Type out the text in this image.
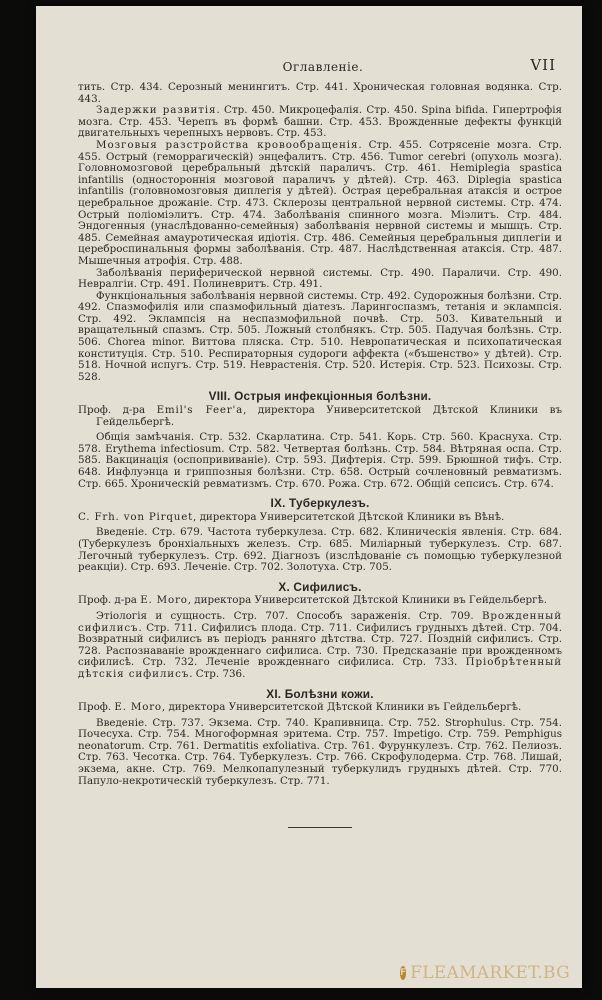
Оглавленіе.	VII

тить. Стр. 434. Серозный менингитъ. Стр. 441. Хроническая головная водянка. Стр. 443.

Задержки развитія. Стр. 450. Микроцефалія. Стр. 450. Spina bifida. Гипертрофія мозга. Стр. 453. Черепъ въ формѣ башни. Стр. 453. Врожденные дефекты функцій двигательныхъ черепныхъ нервовъ. Стр. 453.

Мозговыя разстройства кровообращенія. Стр. 455. Сотрясеніе мозга. Стр. 455. Острый (геморрагическій) энцефалитъ. Стр. 456. Tumor cerebri (опухоль мозга). Головномозговой церебральный дѣтскій параличъ. Стр. 461. Hemiplegia spastica infantilis (одностороннія мозговой параличъ у дѣтей). Стр. 463. Diplegia spastica infantilis (головномозговыя диплегія у дѣтей). Острая церебральная атаксія и острое церебральное дрожаніе. Стр. 473. Склерозы центральной нервной системы. Стр. 474. Острый поліоміэлитъ. Стр. 474. Заболѣванія спинного мозга. Міэлитъ. Стр. 484. Эндогенныя (унаслѣдованно-семейныя) заболѣванія нервной системы и мышцъ. Стр. 485. Семейная амауротическая идіотія. Стр. 486. Семейныя церебральныя диплегіи и цереброспинальныя формы заболѣванія. Стр. 487. Наслѣдственная атаксія. Стр. 487. Мышечныя атрофія. Стр. 488.

Заболѣванія периферической нервной системы. Стр. 490. Параличи. Стр. 490. Невралгіи. Стр. 491. Полиневритъ. Стр. 491.

Функціональныя заболѣванія нервной системы. Стр. 492. Судорожныя болѣзни. Стр. 492. Спазмофилія или спазмофильный діатезъ. Ларингоспазмъ, тетанія и эклампсія. Стр. 492. Эклампсія на неспазмофильной почвѣ. Стр. 503. Кивательный и вращательный спазмъ. Стр. 505. Ложный столбнякъ. Стр. 505. Падучая болѣзнь. Стр. 506. Chorea minor. Виттова пляска. Стр. 510. Невропатическая и психопатическая конституція. Стр. 510. Респираторныя судороги аффекта («бъшенство» у дѣтей). Стр. 518. Ночной испугъ. Стр. 519. Неврастенія. Стр. 520. Истерія. Стр. 523. Психозы. Стр. 528.

VIII. Острыя инфекціонныя болѣзни.

Проф. д-ра Emil's Feer'a, директора Университетской Дѣтской Клиники въ Гейдельбергѣ.

Общія замѣчанія. Стр. 532. Скарлатина. Стр. 541. Корь. Стр. 560. Краснуха. Стр. 578. Erythema infectiosum. Стр. 582. Четвертая болѣзнь. Стр. 584. Вѣтряная оспа. Стр. 585. Вакцинація (оспопрививаніе). Стр. 593. Дифтерія. Стр. 599. Брюшной тифъ. Стр. 648. Инфлуэнца и гриппозныя болѣзни. Стр. 658. Острый сочленовный ревматизмъ. Стр. 665. Хроническій ревматизмъ. Стр. 670. Рожа. Стр. 672. Общій сепсисъ. Стр. 674.

IX. Туберкулезъ.

C. Frh. von Pirquet, директора Университетской Дѣтской Клиники въ Вѣнѣ.

Введеніе. Стр. 679. Частота туберкулеза. Стр. 682. Клиническія явленія. Стр. 684. (Туберкулезъ бронхіальныхъ железъ. Стр. 685. Миліарный туберкулезъ. Стр. 687. Легочный туберкулезъ. Стр. 692. Діагнозъ (изслѣдованіе съ помощью туберкулезной реакціи). Стр. 693. Леченіе. Стр. 702. Золотуха. Стр. 705.

X. Сифилисъ.

Проф. д-ра E. Moro, директора Университетской Дѣтской Клиники въ Гейдельбергѣ.

Этіологія и сущность. Стр. 707. Способъ зараженія. Стр. 709. Врожденный сифилисъ. Стр. 711. Сифилисъ плода. Стр. 711. Сифилисъ грудныхъ дѣтей. Стр. 704. Возвратный сифилисъ въ періодъ ранняго дѣтства. Стр. 727. Поздній сифилисъ. Стр. 728. Распознаваніе врожденнаго сифилиса. Стр. 730. Предсказаніе при врожденномъ сифилисѣ. Стр. 732. Леченіе врожденнаго сифилиса. Стр. 733. Пріобрѣтенный дѣтскія сифилисъ. Стр. 736.

XI. Болѣзни кожи.

Проф. E. Moro, директора Университетской Дѣтской Клиники въ Гейдельбергѣ.

Введеніе. Стр. 737. Экзема. Стр. 740. Крапивница. Стр. 752. Strophulus. Стр. 754. Почесуха. Стр. 754. Многоформная эритема. Стр. 757. Impetigo. Стр. 759. Pemphigus neonatorum. Стр. 761. Dermatitis exfoliativa. Стр. 761. Фурункулезъ. Стр. 762. Пелиозъ. Стр. 763. Чесотка. Стр. 764. Туберкулезъ. Стр. 766. Скрофулодерма. Стр. 768. Лишай, экзема, акне. Стр. 769. Мелкопапулезный туберкулидъ грудныхъ дѣтей. Стр. 770. Папуло-некротическій туберкулезъ. Стр. 771.

F FLEAMARKET.BG
